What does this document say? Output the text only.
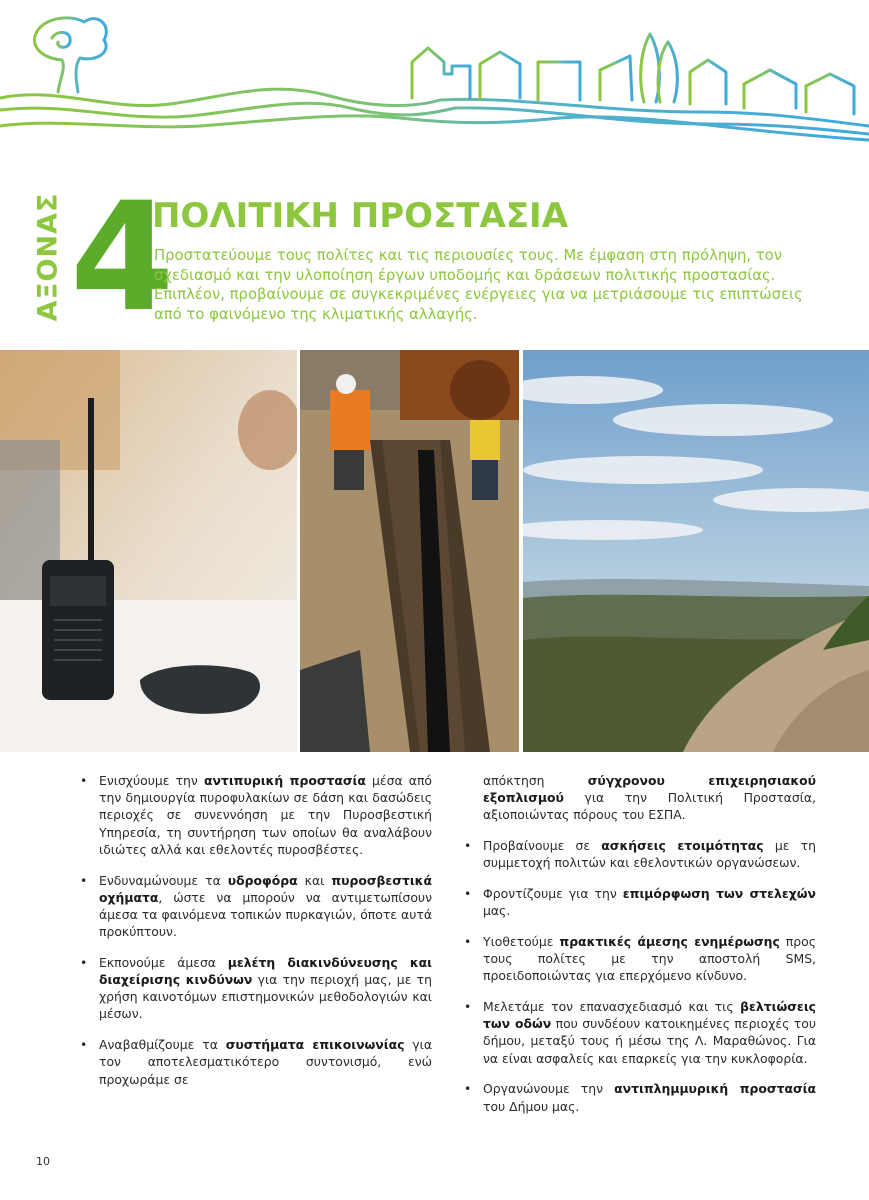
ΑΞΟΝΑΣ 4
ΠΟΛΙΤΙΚΗ ΠΡΟΣΤΑΣΙΑ

Προστατεύουμε τους πολίτες και τις περιουσίες τους. Με έμφαση στη πρόληψη, τον σχεδιασμό και την υλοποίηση έργων υποδομής και δράσεων πολιτικής προστασίας. Επιπλέον, προβαίνουμε σε συγκεκριμένες ενέργειες για να μετριάσουμε τις επιπτώσεις από το φαινόμενο της κλιματικής αλλαγής.

• Ενισχύουμε την αντιπυρική προστασία μέσα από την δημιουργία πυροφυλακίων σε δάση και δασώδεις περιοχές σε συνεννόηση με την Πυροσβεστική Υπηρεσία, τη συντήρηση των οποίων θα αναλάβουν ιδιώτες αλλά και εθελοντές πυροσβέστες.
• Ενδυναμώνουμε τα υδροφόρα και πυροσβεστικά οχήματα, ώστε να μπορούν να αντιμετωπίσουν άμεσα τα φαινόμενα τοπικών πυρκαγιών, όποτε αυτά προκύπτουν.
• Εκπονούμε άμεσα μελέτη διακινδύνευσης και διαχείρισης κινδύνων για την περιοχή μας, με τη χρήση καινοτόμων επιστημονικών μεθοδολογιών και μέσων.
• Αναβαθμίζουμε τα συστήματα επικοινωνίας για τον αποτελεσματικότερο συντονισμό, ενώ προχωράμε σε
απόκτηση σύγχρονου επιχειρησιακού εξοπλισμού για την Πολιτική Προστασία, αξιοποιώντας πόρους του ΕΣΠΑ.
• Προβαίνουμε σε ασκήσεις ετοιμότητας με τη συμμετοχή πολιτών και εθελοντικών οργανώσεων.
• Φροντίζουμε για την επιμόρφωση των στελεχών μας.
• Υιοθετούμε πρακτικές άμεσης ενημέρωσης προς τους πολίτες με την αποστολή SMS, προειδοποιώντας για επερχόμενο κίνδυνο.
• Μελετάμε τον επανασχεδιασμό και τις βελτιώσεις των οδών που συνδέουν κατοικημένες περιοχές του δήμου, μεταξύ τους ή μέσω της Λ. Μαραθώνος. Για να είναι ασφαλείς και επαρκείς για την κυκλοφορία.
• Οργανώνουμε την αντιπλημμυρική προστασία του Δήμου μας.
10
